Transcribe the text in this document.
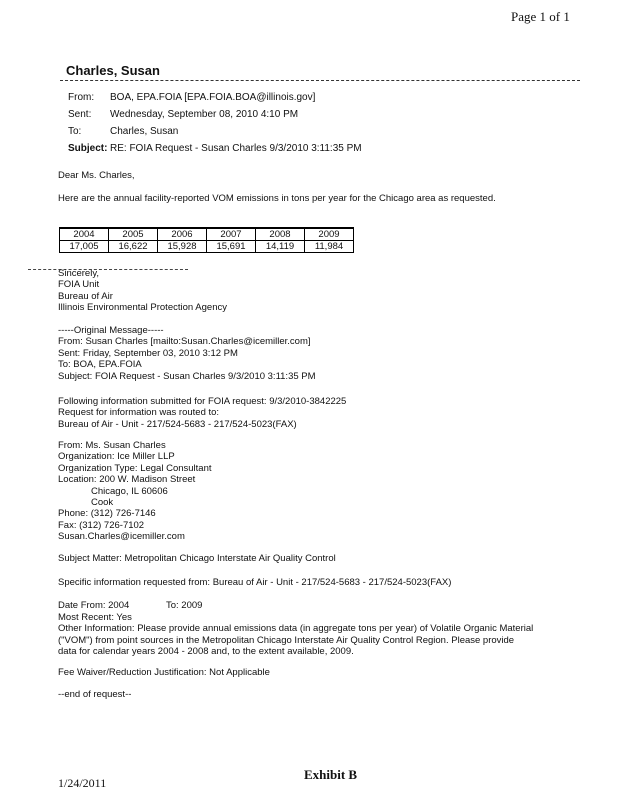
Page 1 of 1
Charles, Susan
From: BOA, EPA.FOIA [EPA.FOIA.BOA@illinois.gov]
Sent: Wednesday, September 08, 2010 4:10 PM
To:	Charles, Susan
Subject: RE: FOIA Request - Susan Charles 9/3/2010 3:11:35 PM
Dear Ms. Charles,
Here are the annual facility-reported VOM emissions in tons per year for the Chicago area as requested.
2004	2005	2006	2007	2008	2009
17,005	16,622	15,928	15,691	14,119	11,984
Sincerely,
FOIA Unit
Bureau of Air
Illinois Environmental Protection Agency
-----Original Message-----
From: Susan Charles [mailto:Susan.Charles@icemiller.com]
Sent: Friday, September 03, 2010 3:12 PM
To: BOA, EPA.FOIA
Subject: FOIA Request - Susan Charles 9/3/2010 3:11:35 PM
Following information submitted for FOIA request: 9/3/2010-3842225
Request for information was routed to:
Bureau of Air - Unit - 217/524-5683 - 217/524-5023(FAX)
From: Ms. Susan Charles
Organization: Ice Miller LLP
Organization Type: Legal Consultant
Location: 200 W. Madison Street
Chicago, IL 60606
Cook
Phone: (312) 726-7146
Fax: (312) 726-7102
Susan.Charles@icemiller.com
Subject Matter: Metropolitan Chicago Interstate Air Quality Control
Specific information requested from: Bureau of Air - Unit - 217/524-5683 - 217/524-5023(FAX)
Date From: 2004	To: 2009
Most Recent: Yes
Other Information: Please provide annual emissions data (in aggregate tons per year) of Volatile Organic Material
("VOM") from point sources in the Metropolitan Chicago Interstate Air Quality Control Region. Please provide
data for calendar years 2004 - 2008 and, to the extent available, 2009.
Fee Waiver/Reduction Justification: Not Applicable
--end of request--
Exhibit B
1/24/2011
